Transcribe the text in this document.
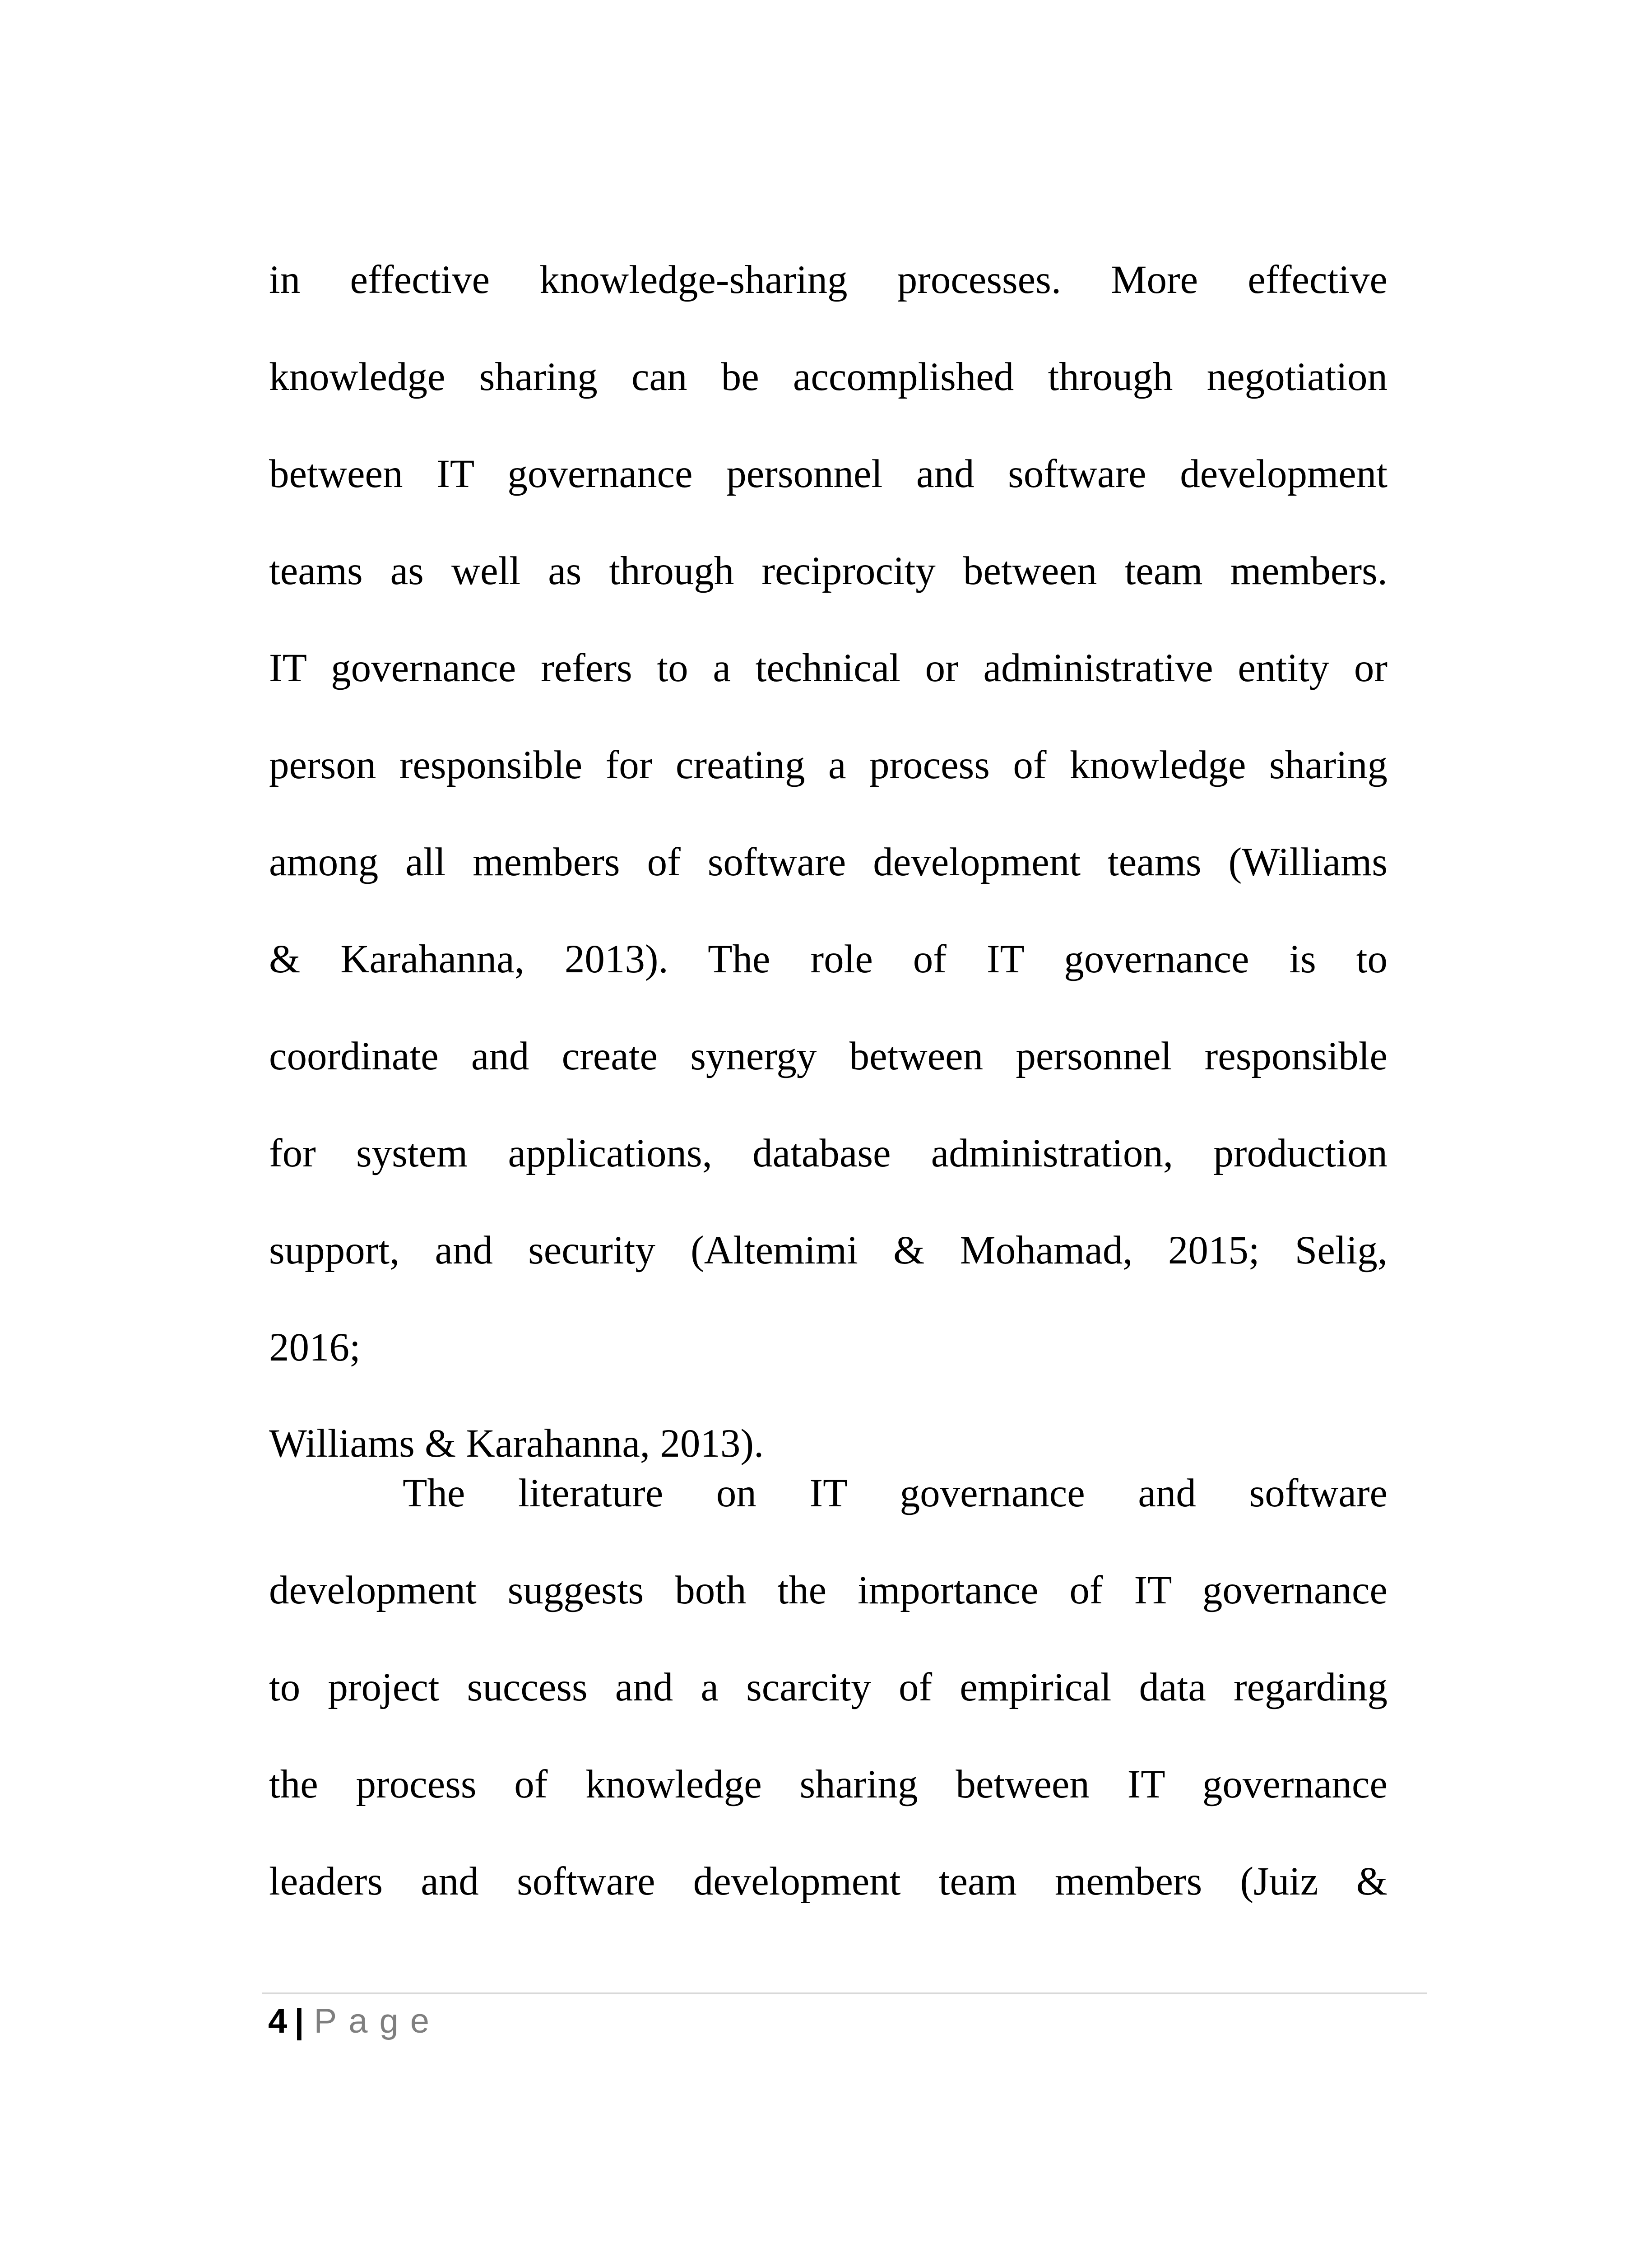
in effective knowledge-sharing processes. More effective
knowledge sharing can be accomplished through negotiation
between IT governance personnel and software development
teams as well as through reciprocity between team members.
IT governance refers to a technical or administrative entity or
person responsible for creating a process of knowledge sharing
among all members of software development teams (Williams
& Karahanna, 2013). The role of IT governance is to
coordinate and create synergy between personnel responsible
for system applications, database administration, production
support, and security (Altemimi & Mohamad, 2015; Selig,
2016;
Williams & Karahanna, 2013).
The literature on IT governance and software
development suggests both the importance of IT governance
to project success and a scarcity of empirical data regarding
the process of knowledge sharing between IT governance
leaders and software development team members (Juiz &
4 | Page
